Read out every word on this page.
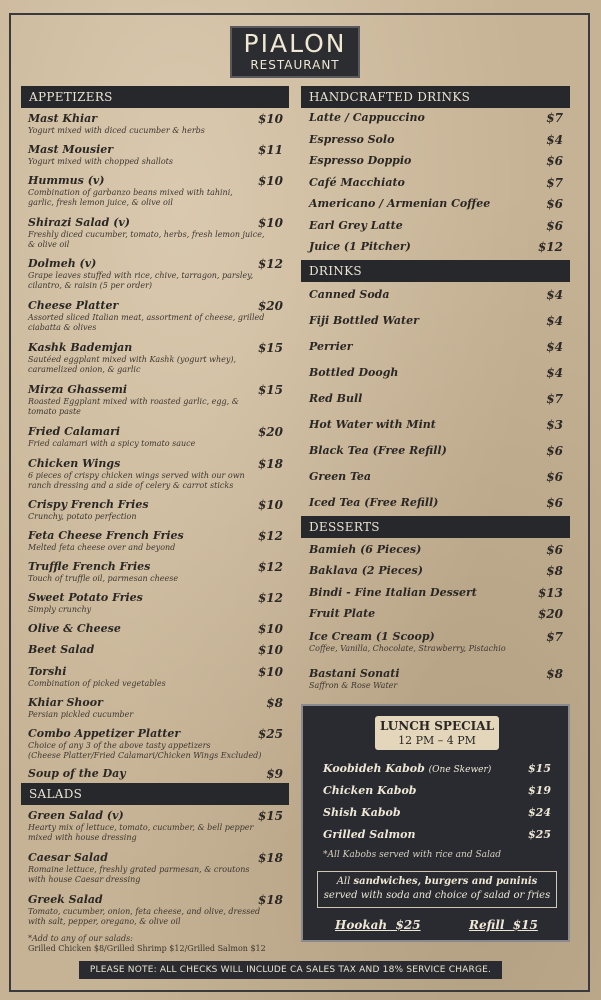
PIALON
RESTAURANT
APPETIZERS
SALADS
HANDCRAFTED DRINKS
DRINKS
DESSERTS
Mast Khiar	$10
Yogurt mixed with diced cucumber & herbs
Mast Mousier	$11
Yogurt mixed with chopped shallots
Hummus (v)	$10
Combination of garbanzo beans mixed with tahini,
garlic, fresh lemon juice, & olive oil
Shirazi Salad (v)	$10
Freshly diced cucumber, tomato, herbs, fresh lemon juice,
& olive oil
Dolmeh (v)	$12
Grape leaves stuffed with rice, chive, tarragon, parsley,
cilantro, & raisin (5 per order)
Cheese Platter	$20
Assorted sliced Italian meat, assortment of cheese, grilled
ciabatta & olives
Kashk Bademjan	$15
Sautéed eggplant mixed with Kashk (yogurt whey),
caramelized onion, & garlic
Mirza Ghassemi	$15
Roasted Eggplant mixed with roasted garlic, egg, &
tomato paste
Fried Calamari	$20
Fried calamari with a spicy tomato sauce
Chicken Wings	$18
6 pieces of crispy chicken wings served with our own
ranch dressing and a side of celery & carrot sticks
Crispy French Fries	$10
Crunchy, potato perfection
Feta Cheese French Fries	$12
Melted feta cheese over and beyond
Truffle French Fries	$12
Touch of truffle oil, parmesan cheese
Sweet Potato Fries	$12
Simply crunchy
Olive & Cheese	$10
Beet Salad	$10
Torshi	$10
Combination of picked vegetables
Khiar Shoor	$8
Persian pickled cucumber
Combo Appetizer Platter	$25
Choice of any 3 of the above tasty appetizers
(Cheese Platter/Fried Calamari/Chicken Wings Excluded)
Soup of the Day	$9
Green Salad (v)	$15
Hearty mix of lettuce, tomato, cucumber, & bell pepper
mixed with house dressing
Caesar Salad	$18
Romaine lettuce, freshly grated parmesan, & croutons
with house Caesar dressing
Greek Salad	$18
Tomato, cucumber, onion, feta cheese, and olive, dressed
with salt, pepper, oregano, & olive oil
Latte / Cappuccino	$7
Espresso Solo	$4
Espresso Doppio	$6
Café Macchiato	$7
Americano / Armenian Coffee	$6
Earl Grey Latte	$6
Juice (1 Pitcher)	$12
Canned Soda	$4
Fiji Bottled Water	$4
Perrier	$4
Bottled Doogh	$4
Red Bull	$7
Hot Water with Mint	$3
Black Tea (Free Refill)	$6
Green Tea	$6
Iced Tea (Free Refill)	$6
Bamieh (6 Pieces)	$6
Baklava (2 Pieces)	$8
Bindi - Fine Italian Dessert	$13
Fruit Plate	$20
Ice Cream (1 Scoop)	$7
Coffee, Vanilla, Chocolate, Strawberry, Pistachio
Bastani Sonati	$8
Saffron & Rose Water
*Add to any of our salads:
Grilled Chicken $8/Grilled Shrimp $12/Grilled Salmon $12
LUNCH SPECIAL
12 PM – 4 PM
Koobideh Kabob (One Skewer)	$15
Chicken Kabob	$19
Shish Kabob	$24
Grilled Salmon	$25
*All Kabobs served with rice and Salad
All sandwiches, burgers and paninis
served with soda and choice of salad or fries
Hookah  $25	Refill  $15
PLEASE NOTE: ALL CHECKS WILL INCLUDE CA SALES TAX AND 18% SERVICE CHARGE.
